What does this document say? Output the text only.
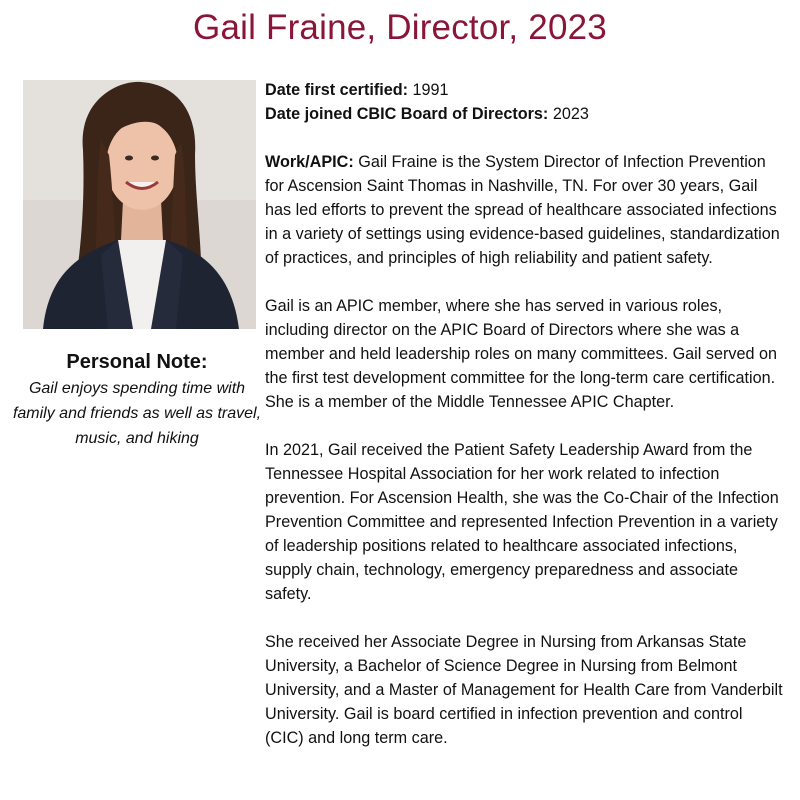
Gail Fraine, Director, 2023
Personal Note:
Gail enjoys spending time with family and friends as well as travel, music, and hiking

Date first certified: 1991

Date joined CBIC Board of Directors: 2023

Work/APIC: Gail Fraine is the System Director of Infection Prevention for Ascension Saint Thomas in Nashville, TN. For over 30 years, Gail has led efforts to prevent the spread of healthcare associated infections in a variety of settings using evidence-based guidelines, standardization of practices, and principles of high reliability and patient safety.

Gail is an APIC member, where she has served in various roles, including director on the APIC Board of Directors where she was a member and held leadership roles on many committees. Gail served on the first test development committee for the long-term care certification. She is a member of the Middle Tennessee APIC Chapter.

In 2021, Gail received the Patient Safety Leadership Award from the Tennessee Hospital Association for her work related to infection prevention. For Ascension Health, she was the Co-Chair of the Infection Prevention Committee and represented Infection Prevention in a variety of leadership positions related to healthcare associated infections, supply chain, technology, emergency preparedness and associate safety.

She received her Associate Degree in Nursing from Arkansas State University, a Bachelor of Science Degree in Nursing from Belmont University, and a Master of Management for Health Care from Vanderbilt University. Gail is board certified in infection prevention and control (CIC) and long term care.
